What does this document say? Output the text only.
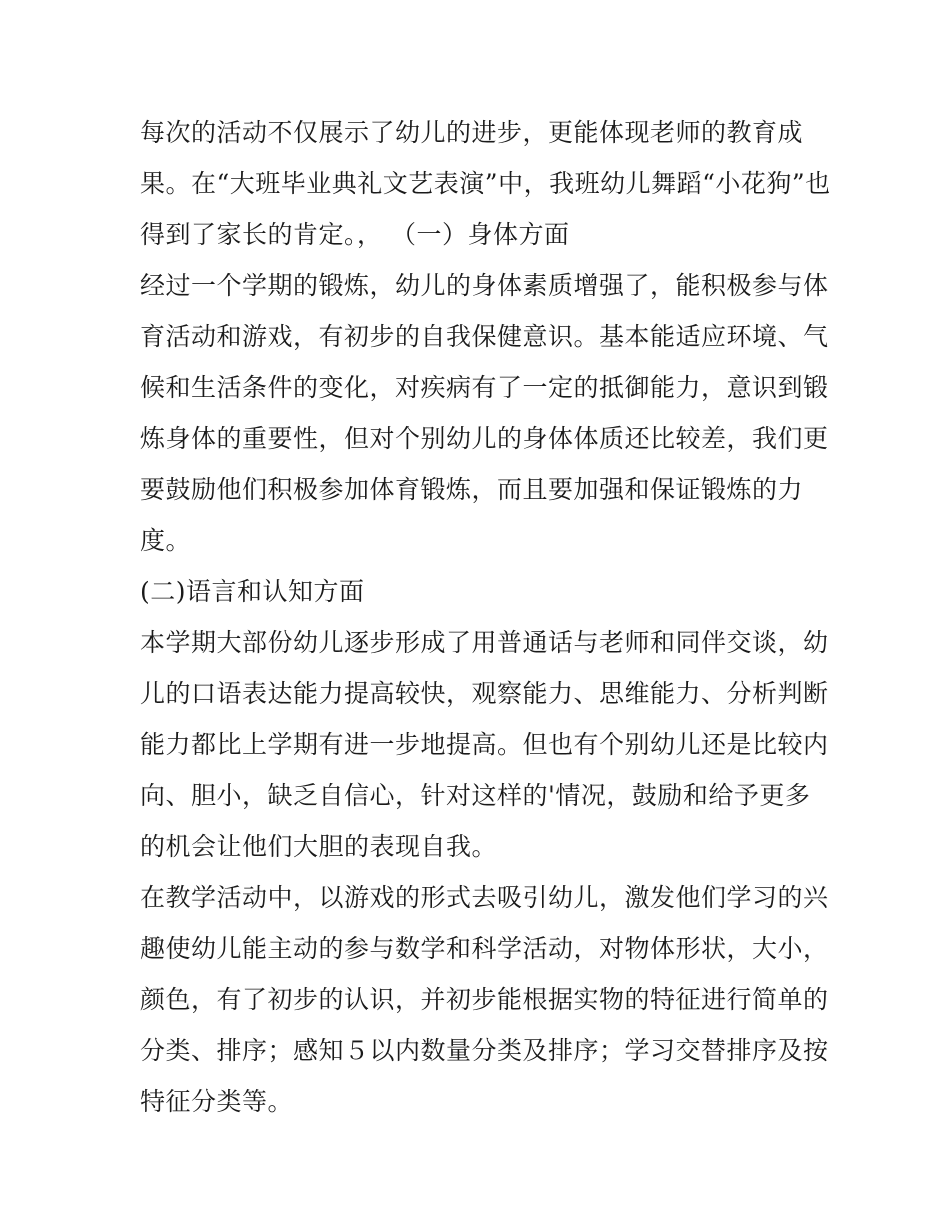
每次的活动不仅展示了幼儿的进步，更能体现老师的教育成
果。在“大班毕业典礼文艺表演”中，我班幼儿舞蹈“小花狗”也
得到了家长的肯定。， （一）身体方面
经过一个学期的锻炼，幼儿的身体素质增强了，能积极参与体
育活动和游戏，有初步的自我保健意识。基本能适应环境、气
候和生活条件的变化，对疾病有了一定的抵御能力，意识到锻
炼身体的重要性，但对个别幼儿的身体体质还比较差，我们更
要鼓励他们积极参加体育锻炼，而且要加强和保证锻炼的力
度。
(二)语言和认知方面
本学期大部份幼儿逐步形成了用普通话与老师和同伴交谈，幼
儿的口语表达能力提高较快，观察能力、思维能力、分析判断
能力都比上学期有进一步地提高。但也有个别幼儿还是比较内
向、胆小，缺乏自信心，针对这样的'情况，鼓励和给予更多
的机会让他们大胆的表现自我。
在教学活动中，以游戏的形式去吸引幼儿，激发他们学习的兴
趣使幼儿能主动的参与数学和科学活动，对物体形状，大小，
颜色，有了初步的认识，并初步能根据实物的特征进行简单的
分类、排序；感知５以内数量分类及排序；学习交替排序及按
特征分类等。
